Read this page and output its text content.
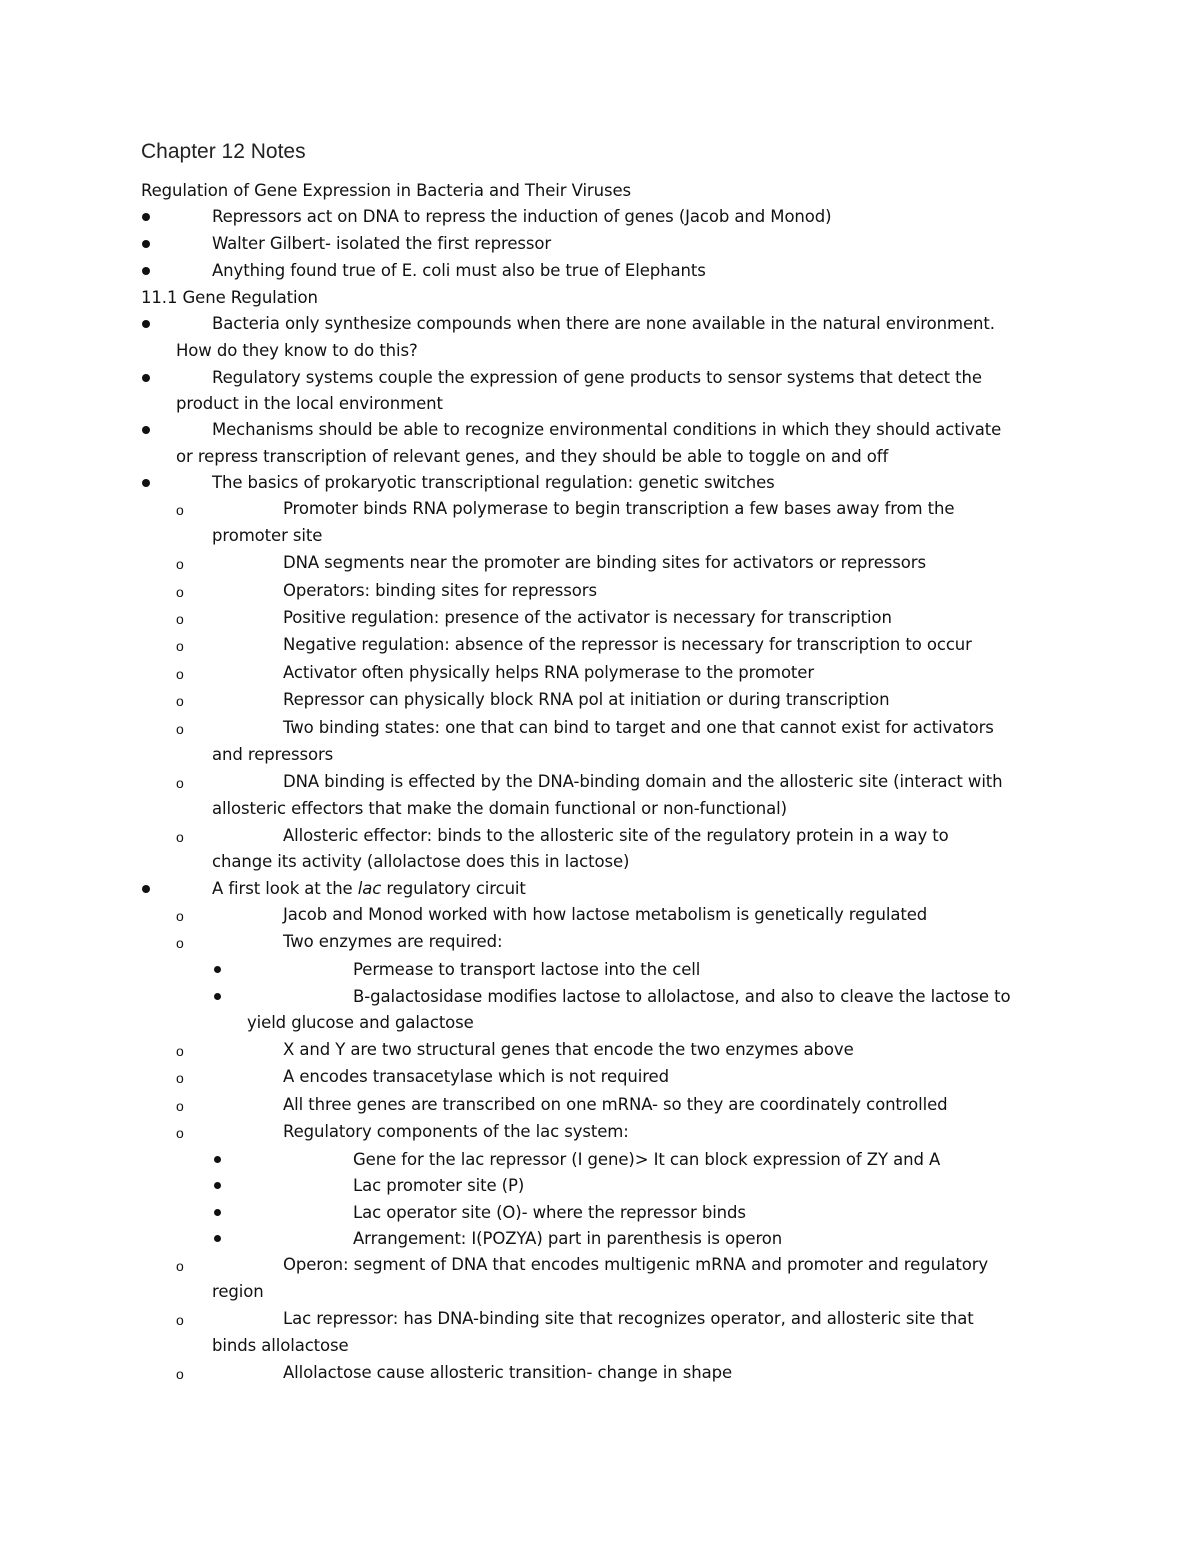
Chapter 12 Notes
Regulation of Gene Expression in Bacteria and Their Viruses
Repressors act on DNA to repress the induction of genes (Jacob and Monod)
Walter Gilbert- isolated the first repressor
Anything found true of E. coli must also be true of Elephants
11.1 Gene Regulation
Bacteria only synthesize compounds when there are none available in the natural environment.
How do they know to do this?
Regulatory systems couple the expression of gene products to sensor systems that detect the
product in the local environment
Mechanisms should be able to recognize environmental conditions in which they should activate
or repress transcription of relevant genes, and they should be able to toggle on and off
The basics of prokaryotic transcriptional regulation: genetic switches
o	Promoter binds RNA polymerase to begin transcription a few bases away from the
promoter site
o	DNA segments near the promoter are binding sites for activators or repressors
o	Operators: binding sites for repressors
o	Positive regulation: presence of the activator is necessary for transcription
o	Negative regulation: absence of the repressor is necessary for transcription to occur
o	Activator often physically helps RNA polymerase to the promoter
o	Repressor can physically block RNA pol at initiation or during transcription
o	Two binding states: one that can bind to target and one that cannot exist for activators
and repressors
o	DNA binding is effected by the DNA-binding domain and the allosteric site (interact with
allosteric effectors that make the domain functional or non-functional)
o	Allosteric effector: binds to the allosteric site of the regulatory protein in a way to
change its activity (allolactose does this in lactose)
A first look at the lac regulatory circuit
o	Jacob and Monod worked with how lactose metabolism is genetically regulated
o	Two enzymes are required:
Permease to transport lactose into the cell
B-galactosidase modifies lactose to allolactose, and also to cleave the lactose to
yield glucose and galactose
o	X and Y are two structural genes that encode the two enzymes above
o	A encodes transacetylase which is not required
o	All three genes are transcribed on one mRNA- so they are coordinately controlled
o	Regulatory components of the lac system:
Gene for the lac repressor (I gene)> It can block expression of ZY and A
Lac promoter site (P)
Lac operator site (O)- where the repressor binds
Arrangement: I(POZYA) part in parenthesis is operon
o	Operon: segment of DNA that encodes multigenic mRNA and promoter and regulatory
region
o	Lac repressor: has DNA-binding site that recognizes operator, and allosteric site that
binds allolactose
o	Allolactose cause allosteric transition- change in shape
